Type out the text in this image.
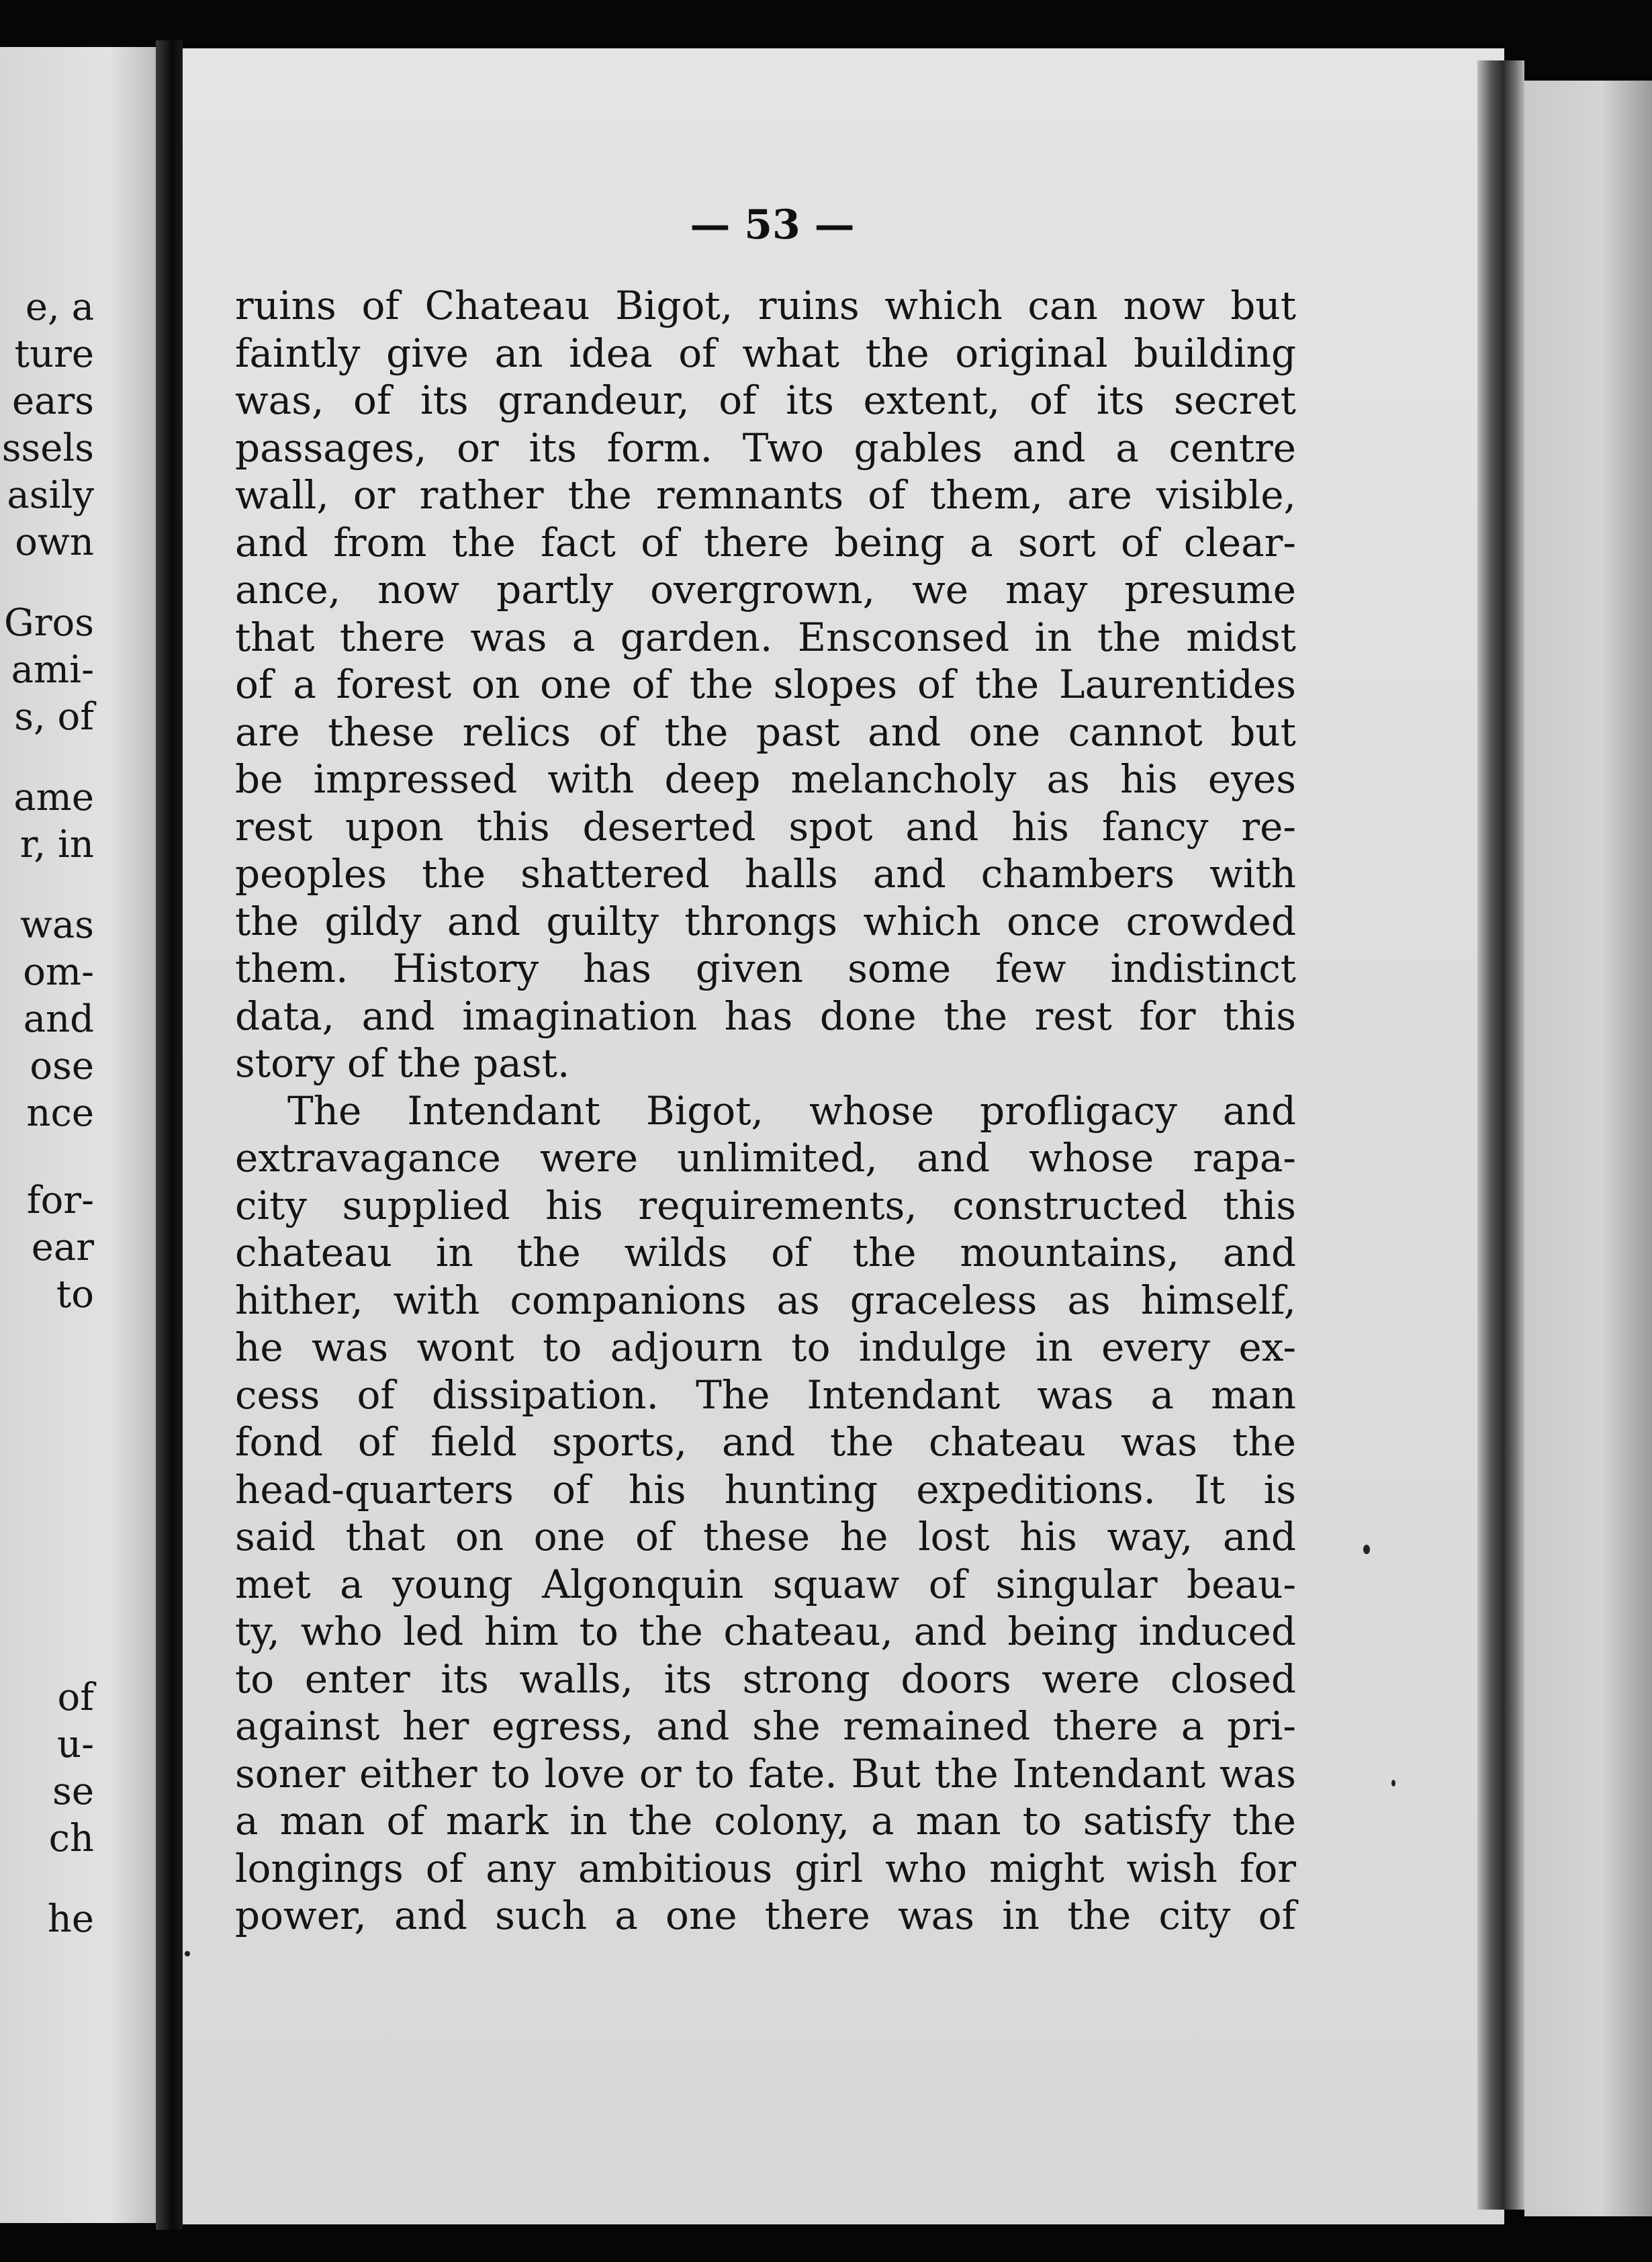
e, a
ture
ears
ssels
asily
own
Gros
ami-
s, of
ame
r, in
was
om-
and
ose
nce
for-
ear
to
of
u-
se
ch
he
— 53 —
ruins of Chateau Bigot, ruins which can now but
faintly give an idea of what the original building
was, of its grandeur, of its extent, of its secret
passages, or its form. Two gables and a centre
wall, or rather the remnants of them, are visible,
and from the fact of there being a sort of clear-
ance, now partly overgrown, we may presume
that there was a garden. Ensconsed in the midst
of a forest on one of the slopes of the Laurentides
are these relics of the past and one cannot but
be impressed with deep melancholy as his eyes
rest upon this deserted spot and his fancy re-
peoples the shattered halls and chambers with
the gildy and guilty throngs which once crowded
them. History has given some few indistinct
data, and imagination has done the rest for this
story of the past.
The Intendant Bigot, whose profligacy and
extravagance were unlimited, and whose rapa-
city supplied his requirements, constructed this
chateau in the wilds of the mountains, and
hither, with companions as graceless as himself,
he was wont to adjourn to indulge in every ex-
cess of dissipation. The Intendant was a man
fond of field sports, and the chateau was the
head-quarters of his hunting expeditions. It is
said that on one of these he lost his way, and
met a young Algonquin squaw of singular beau-
ty, who led him to the chateau, and being induced
to enter its walls, its strong doors were closed
against her egress, and she remained there a pri-
soner either to love or to fate. But the Intendant was
a man of mark in the colony, a man to satisfy the
longings of any ambitious girl who might wish for
power, and such a one there was in the city of
